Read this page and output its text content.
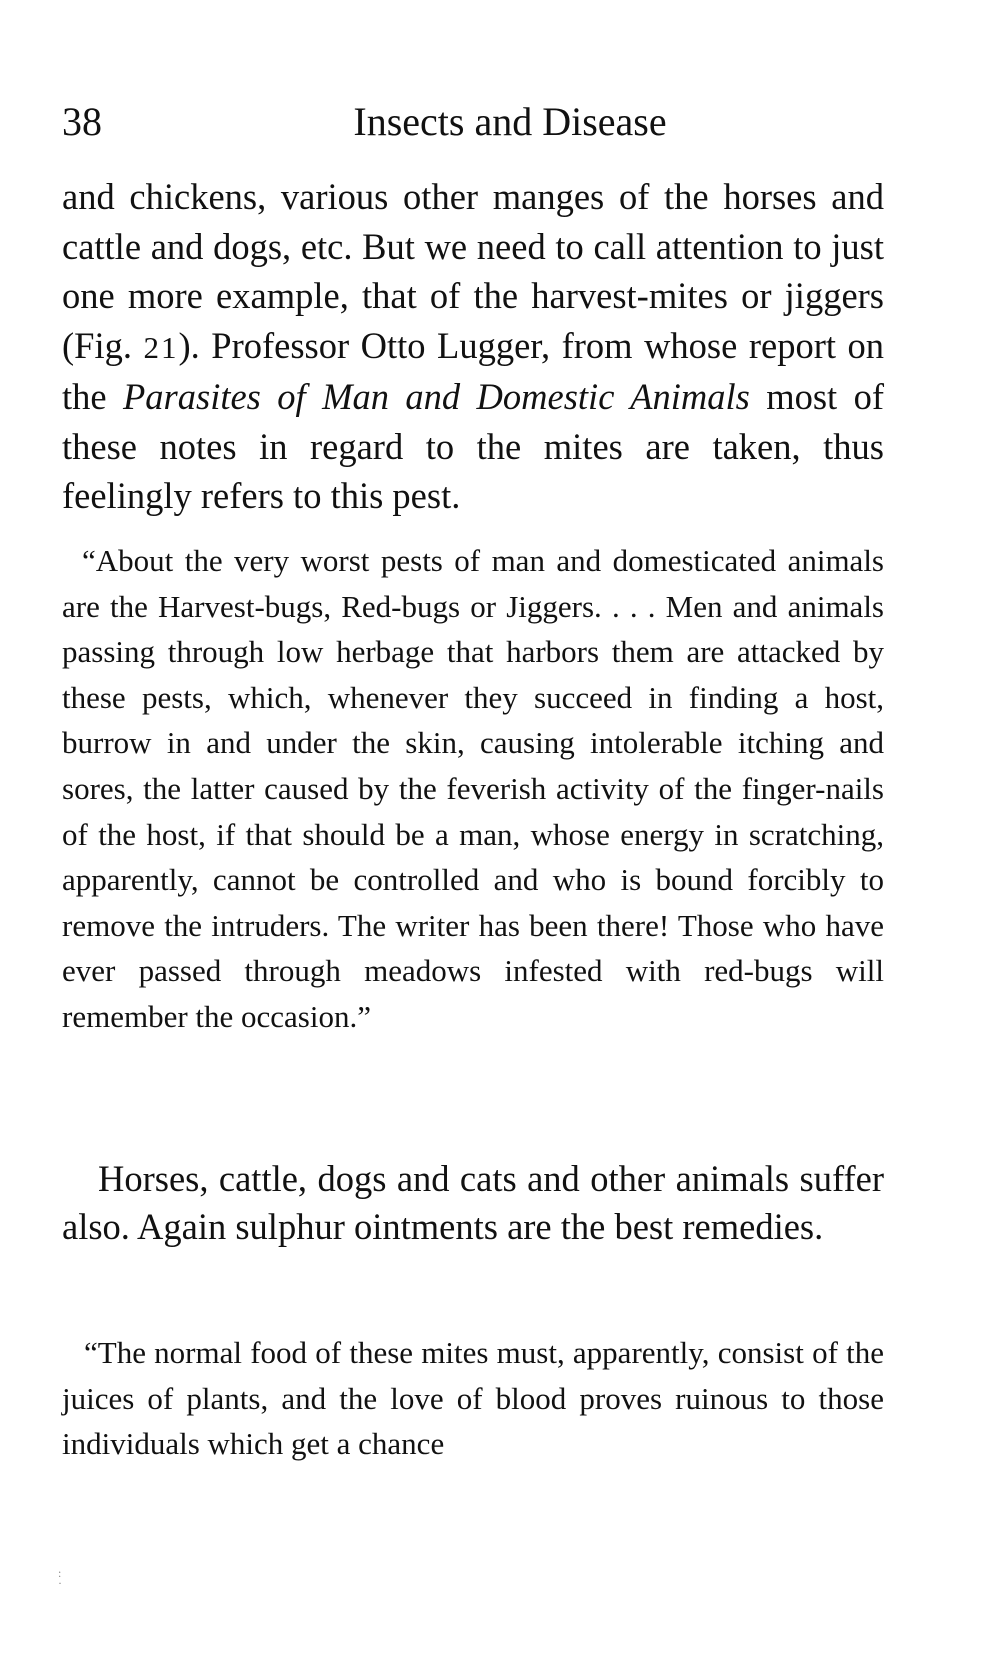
38	Insects and Disease

and chickens, various other manges of the horses and cattle and dogs, etc. But we need to call attention to just one more example, that of the harvest-mites or jiggers (Fig. 21). Professor Otto Lugger, from whose report on the Parasites of Man and Domestic Animals most of these notes in regard to the mites are taken, thus feelingly refers to this pest.

“About the very worst pests of man and domesticated animals are the Harvest-bugs, Red-bugs or Jiggers. . . . Men and animals passing through low herbage that harbors them are attacked by these pests, which, whenever they succeed in finding a host, burrow in and under the skin, causing intolerable itching and sores, the latter caused by the feverish activity of the finger-nails of the host, if that should be a man, whose energy in scratching, apparently, cannot be controlled and who is bound forcibly to remove the intruders. The writer has been there! Those who have ever passed through meadows infested with red-bugs will remember the occasion.”

Horses, cattle, dogs and cats and other animals suffer also. Again sulphur ointments are the best remedies.

“The normal food of these mites must, apparently, consist of the juices of plants, and the love of blood proves ruinous to those individuals which get a chance

:
·
